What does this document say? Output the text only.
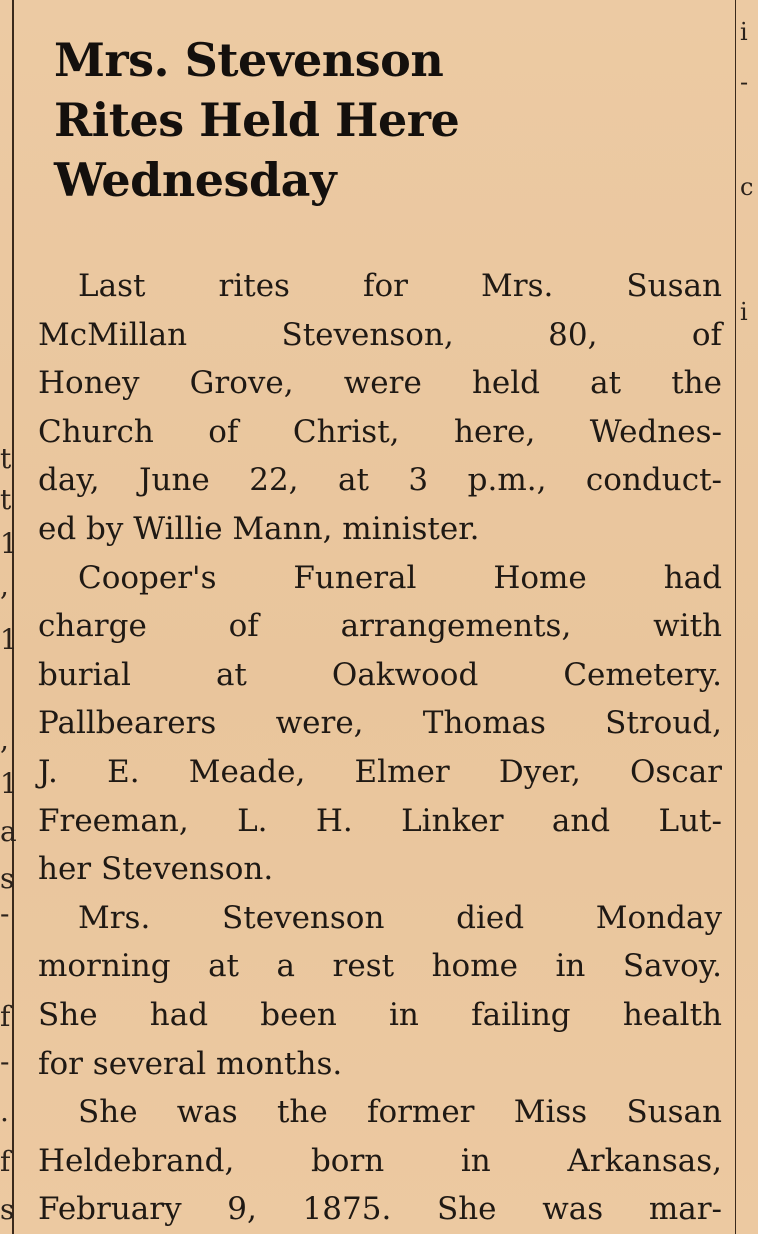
t
t
1
,
1
,
1
a
s
-
f
-
.
f
s
i
-
c
i
Mrs. Stevenson
Rites Held Here
Wednesday

Last rites for Mrs. Susan
McMillan Stevenson, 80, of
Honey Grove, were held at the
Church of Christ, here, Wednes-
day, June 22, at 3 p.m., conduct-
ed by Willie Mann, minister.

Cooper's Funeral Home had
charge of arrangements, with
burial at Oakwood Cemetery.
Pallbearers were, Thomas Stroud,
J. E. Meade, Elmer Dyer, Oscar
Freeman, L. H. Linker and Lut-
her Stevenson.

Mrs. Stevenson died Monday
morning at a rest home in Savoy.
She had been in failing health
for several months.

She was the former Miss Susan
Heldebrand, born in Arkansas,
February 9, 1875. She was mar-
